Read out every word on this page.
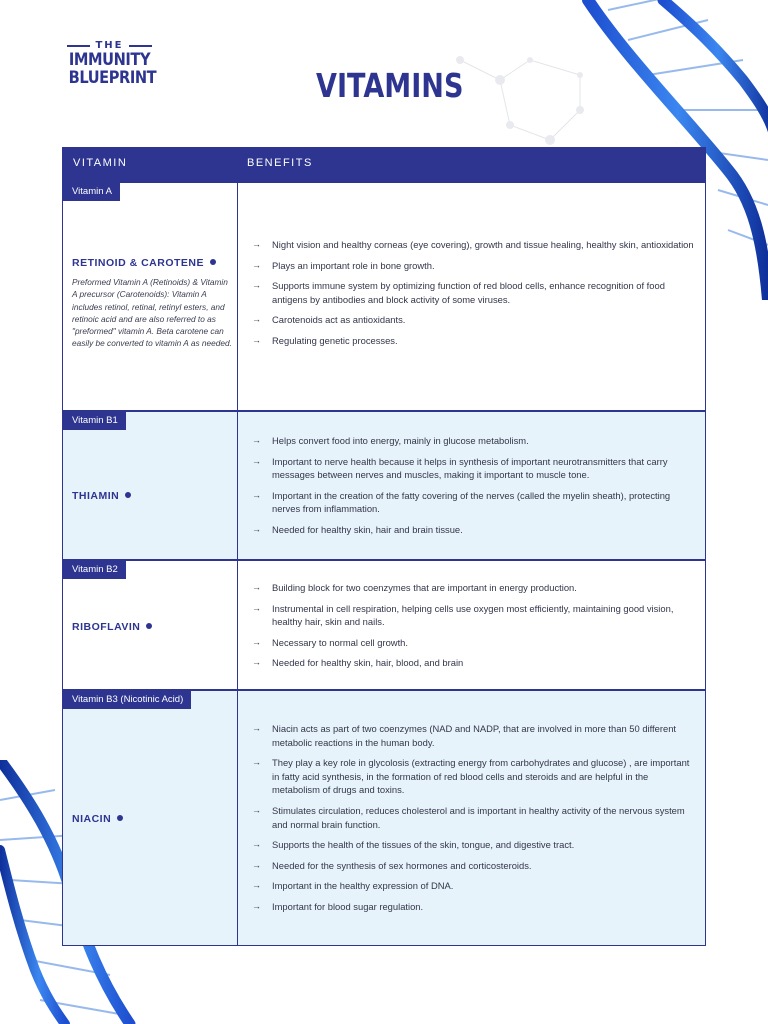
THE
IMMUNITY
BLUEPRINT	VITAMINS
VITAMIN	BENEFITS
Vitamin A
RETINOID & CAROTENE
Preformed Vitamin A (Retinoids) & Vitamin A precursor (Carotenoids): Vitamin A includes retinol, retinal, retinyl esters, and retinoic acid and are also referred to as "preformed" vitamin A. Beta carotene can easily be converted to vitamin A as needed.
→ Night vision and healthy corneas (eye covering), growth and tissue healing, healthy skin, antioxidation
→ Plays an important role in bone growth.
→ Supports immune system by optimizing function of red blood cells, enhance recognition of food antigens by antibodies and block activity of some viruses.
→ Carotenoids act as antioxidants.
→ Regulating genetic processes.
Vitamin B1
THIAMIN
→ Helps convert food into energy, mainly in glucose metabolism.
→ Important to nerve health because it helps in synthesis of important neurotransmitters that carry messages between nerves and muscles, making it important to muscle tone.
→ Important in the creation of the fatty covering of the nerves (called the myelin sheath), protecting nerves from inflammation.
→ Needed for healthy skin, hair and brain tissue.
Vitamin B2
RIBOFLAVIN
→ Building block for two coenzymes that are important in energy production.
→ Instrumental in cell respiration, helping cells use oxygen most efficiently, maintaining good vision, healthy hair, skin and nails.
→ Necessary to normal cell growth.
→ Needed for healthy skin, hair, blood, and brain
Vitamin B3 (Nicotinic Acid)
NIACIN
→ Niacin acts as part of two coenzymes (NAD and NADP, that are involved in more than 50 different metabolic reactions in the human body.
→ They play a key role in glycolosis (extracting energy from carbohydrates and glucose) , are important in fatty acid synthesis, in the formation of red blood cells and steroids and are helpful in the metabolism of drugs and toxins.
→ Stimulates circulation, reduces cholesterol and is important in healthy activity of the nervous system and normal brain function.
→ Supports the health of the tissues of the skin, tongue, and digestive tract.
→ Needed for the synthesis of sex hormones and corticosteroids.
→ Important in the healthy expression of DNA.
→ Important for blood sugar regulation.
